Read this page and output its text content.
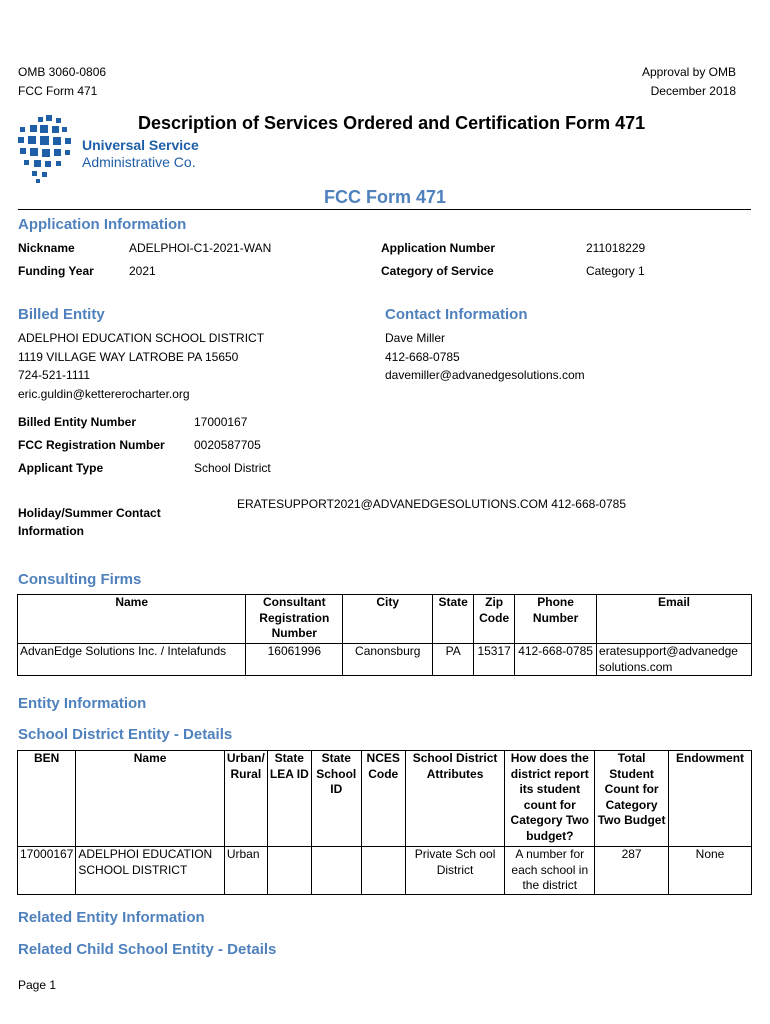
OMB 3060-0806
FCC Form 471
Approval by OMB
December 2018
Universal Service
Administrative Co.
Description of Services Ordered and Certification Form 471
FCC Form 471
Application Information
Nickname	ADELPHOI-C1-2021-WAN	Application Number	211018229
Funding Year	2021	Category of Service	Category 1
Billed Entity
ADELPHOI EDUCATION SCHOOL DISTRICT
1119 VILLAGE WAY LATROBE PA 15650
724-521-1111
eric.guldin@kettererocharter.org
Contact Information
Dave Miller
412-668-0785
davemiller@advanedgesolutions.com
Billed Entity Number	17000167
FCC Registration Number 0020587705
Applicant Type	School District
ERATESUPPORT2021@ADVANEDGESOLUTIONS.COM 412-668-0785
Holiday/Summer Contact
Information
Consulting Firms
Name	Consultant Registration Number	City	State	Zip Code	Phone Number	Email
AdvanEdge Solutions Inc. / Intelafunds	16061996	Canonsburg	PA	15317	412-668-0785	eratesupport@advanedge
solutions.com
Entity Information
School District Entity - Details
BEN	Name	Urban/ Rural	State LEA ID	State School ID	NCES Code	School District Attributes	How does the district report its student count for Category Two budget?	Total Student Count for Category Two Budget	Endowment
17000167	ADELPHOI EDUCATION SCHOOL DISTRICT	Urban				Private Sch ool District	A number for each school in the district	287	None
Related Entity Information
Related Child School Entity - Details
Page 1
